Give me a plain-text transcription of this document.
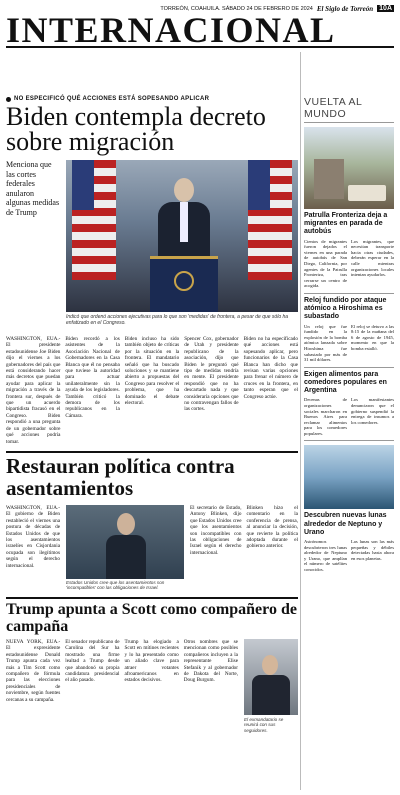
TORREÓN, COAHUILA. SÁBADO 24 DE FEBRERO DE 2024 El Siglo de Torreón 10A
INTERNACIONAL
NO ESPECIFICÓ QUÉ ACCIONES ESTÁ SOPESANDO APLICAR
Biden contempla decreto sobre migración
Menciona que las cortes federales anularon algunas medidas de Trump
Indicó que ordenó acciones ejecutivas para lo que son 'medidas' de frontera, a pesar de que sólo ha enfatizado en el Congreso.

WASHINGTON, EUA.- El presidente estadounidense Joe Biden dijo el viernes a los gobernadores del país que está considerando hacer más decretos que puedan ayudar para aplicar la migración a través de la frontera sur, después de que un acuerdo bipartidista fracasó en el Congreso. Biden respondió a una pregunta de un gobernador sobre qué acciones podría tomar.

Biden recordó a los asistentes de la Asociación Nacional de Gobernadores en la Casa Blanca que él no pensaba que tuviese la autoridad para actuar unilateralmente sin la ayuda de los legisladores. También criticó la demora de los republicanos en la Cámara.

Biden incluso ha sido también objeto de críticas por la situación en la frontera. El mandatario señaló que ha buscado soluciones y se mantiene abierto a propuestas del Congreso para resolver el problema, que ha dominado el debate electoral.

Spencer Cox, gobernador de Utah y presidente republicano de la asociación, dijo que Biden le preguntó qué tipo de medidas tendría en mente. El presidente respondió que no ha descartado nada y que consideraría opciones que no contravengan fallos de las cortes.

Biden no ha especificado qué acciones está sopesando aplicar, pero funcionarios de la Casa Blanca han dicho que revisan varias opciones para frenar el número de cruces en la frontera, en tanto esperan que el Congreso actúe.

Restauran política contra asentamientos

WASHINGTON, EUA.- El gobierno de Biden restableció el viernes una postura de décadas de Estados Unidos de que los asentamientos israelíes en Cisjordania ocupada son ilegítimos según el derecho internacional.

Estados Unidos cree que los asentamientos son 'incompatibles' con las obligaciones de Israel.

El secretario de Estado, Antony Blinken, dijo que Estados Unidos cree que los asentamientos son incompatibles con las obligaciones de Israel según el derecho internacional.

Blinken hizo el comentario en la conferencia de prensa, al anunciar la decisión, que revierte la política adoptada durante el gobierno anterior.

Trump apunta a Scott como compañero de campaña

NUEVA YORK, EUA.- El expresidente estadounidense Donald Trump apunta cada vez más a Tim Scott como compañero de fórmula para las elecciones presidenciales de noviembre, según fuentes cercanas a su campaña.

El senador republicano de Carolina del Sur ha mostrado una firme lealtad a Trump desde que abandonó su propia candidatura presidencial el año pasado.

Trump ha elogiado a Scott en mítines recientes y lo ha presentado como un aliado clave para atraer votantes afroamericanos en estados decisivos.

Otros nombres que se mencionan como posibles compañeros incluyen a la representante Elise Stefanik y al gobernador de Dakota del Norte, Doug Burgum.

El exmandatario se reunirá con sus seguidores.
VUELTA AL MUNDO
Patrulla Fronteriza deja a migrantes en parada de autobús

Cientos de migrantes fueron dejados el viernes en una parada de autobús de San Diego, California, por agentes de la Patrulla Fronteriza, tras cerrarse un centro de acogida.

Los migrantes, que necesitan transporte hacia otras ciudades, deberán esperar en la calle mientras organizaciones locales intentan ayudarlos.

Reloj fundido por ataque atómico a Hiroshima es subastado

Un reloj que fue fundido en la explosión de la bomba atómica lanzada sobre Hiroshima fue subastado por más de 31 mil dólares.

El reloj se detuvo a las 8:15 de la mañana del 6 de agosto de 1945, momento en que la bomba estalló.

Exigen alimentos para comedores populares en Argentina

Decenas de organizaciones sociales marcharon en Buenos Aires para reclamar alimentos para los comedores populares.

Los manifestantes denunciaron que el gobierno suspendió la entrega de insumos a los comedores.

Descubren nuevas lunas alrededor de Neptuno y Urano

Astrónomos descubrieron tres lunas alrededor de Neptuno y Urano, que amplían el número de satélites conocidos.

Las lunas son las más pequeñas y débiles detectadas hasta ahora en esos planetas.
